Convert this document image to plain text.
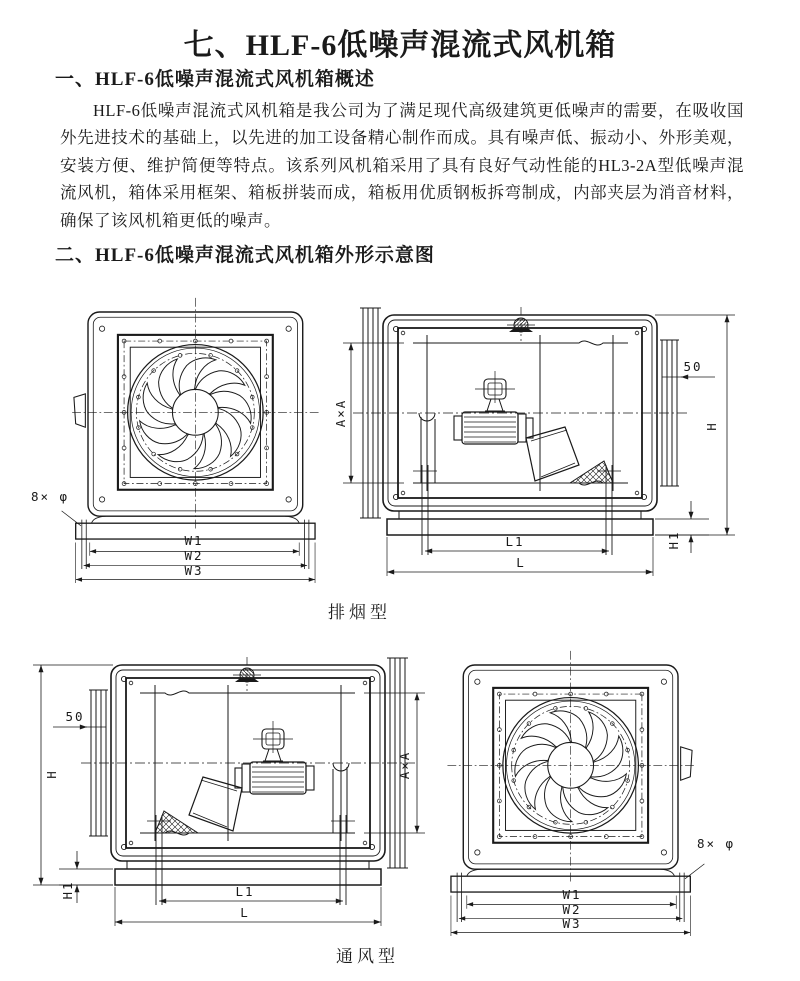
七、HLF-6低噪声混流式风机箱
一、HLF-6低噪声混流式风机箱概述
HLF-6低噪声混流式风机箱是我公司为了满足现代高级建筑更低噪声的需要，在吸收国外先进技术的基础上，以先进的加工设备精心制作而成。具有噪声低、振动小、外形美观，安装方便、维护简便等特点。该系列风机箱采用了具有良好气动性能的HL3-2A型低噪声混流风机，箱体采用框架、箱板拼装而成，箱板用优质钢板拆弯制成，内部夹层为消音材料，确保了该风机箱更低的噪声。
二、HLF-6低噪声混流式风机箱外形示意图
W1
W2
W3
8× φ
A×A
50
H
H1
L1
L
50
H
H1
A×A
L1
L
W1
W2
W3
8× φ
排烟型
通风型
